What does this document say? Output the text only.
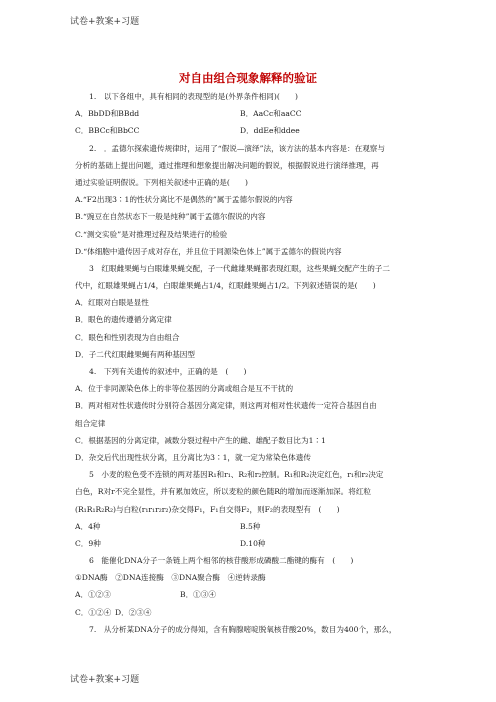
试卷+教案+习题
对自由组合现象解释的验证
1.　以下各组中，具有相同的表现型的是(外界条件相同)(　　)
A．BbDD和BBdd	B．AaCc和aaCC
C．BBCc和BbCC	D．ddEe和ddee
2.　．孟德尔探索遗传规律时，运用了“假说—演绎”法，该方法的基本内容是：在观察与
分析的基础上提出问题，通过推理和想象提出解决问题的假说，根据假说进行演绎推理，再
通过实验证明假说。下列相关叙述中正确的是(　　)
A.“F2出现3∶1的性状分离比不是偶然的”属于孟德尔假说的内容
B.“豌豆在自然状态下一般是纯种”属于孟德尔假说的内容
C.“测交实验”是对推理过程及结果进行的检验
D.“体细胞中遗传因子成对存在，并且位于同源染色体上”属于孟德尔的假说内容
3　红眼雌果蝇与白眼雄果蝇交配，子一代雌雄果蝇都表现红眼，这些果蝇交配产生的子二
代中，红眼雄果蝇占1/4，白眼雄果蝇占1/4，红眼雌果蝇占1/2。下列叙述错误的是(　　)
A．红眼对白眼是显性
B．眼色的遗传遵循分离定律
C．眼色和性别表现为自由组合
D．子二代红眼雌果蝇有两种基因型
4.　下列有关遗传的叙述中，正确的是　(　　)
A．位于非同源染色体上的非等位基因的分离或组合是互不干扰的
B．两对相对性状遗传时分别符合基因分离定律，则这两对相对性状遗传一定符合基因自由
组合定律
C．根据基因的分离定律，减数分裂过程中产生的雌、雄配子数目比为1∶1
D．杂交后代出现性状分离，且分离比为3∶1，就一定为常染色体遗传
5　小麦的粒色受不连锁的两对基因R₁和r₁、R₂和r₂控制。R₁和R₂决定红色，r₁和r₂决定
白色，R对r不完全显性，并有累加效应，所以麦粒的颜色随R的增加而逐渐加深。将红粒
(R₁R₁R₂R₂)与白粒(r₁r₁r₂r₂)杂交得F₁，F₁自交得F₂，则F₂的表现型有　(　　)
A．4种	B.5种
C．9种	D.10种
6　能催化DNA分子一条链上两个相邻的核苷酸形成磷酸二酯键的酶有　(　　)
①DNA酶　②DNA连接酶　③DNA聚合酶　④逆转录酶
A．①②③	B．①③④
C．①②④ D．②③④
7.　从分析某DNA分子的成分得知，含有胸腺嘧啶脱氧核苷酸20%，数目为400个，那么，
试卷+教案+习题
